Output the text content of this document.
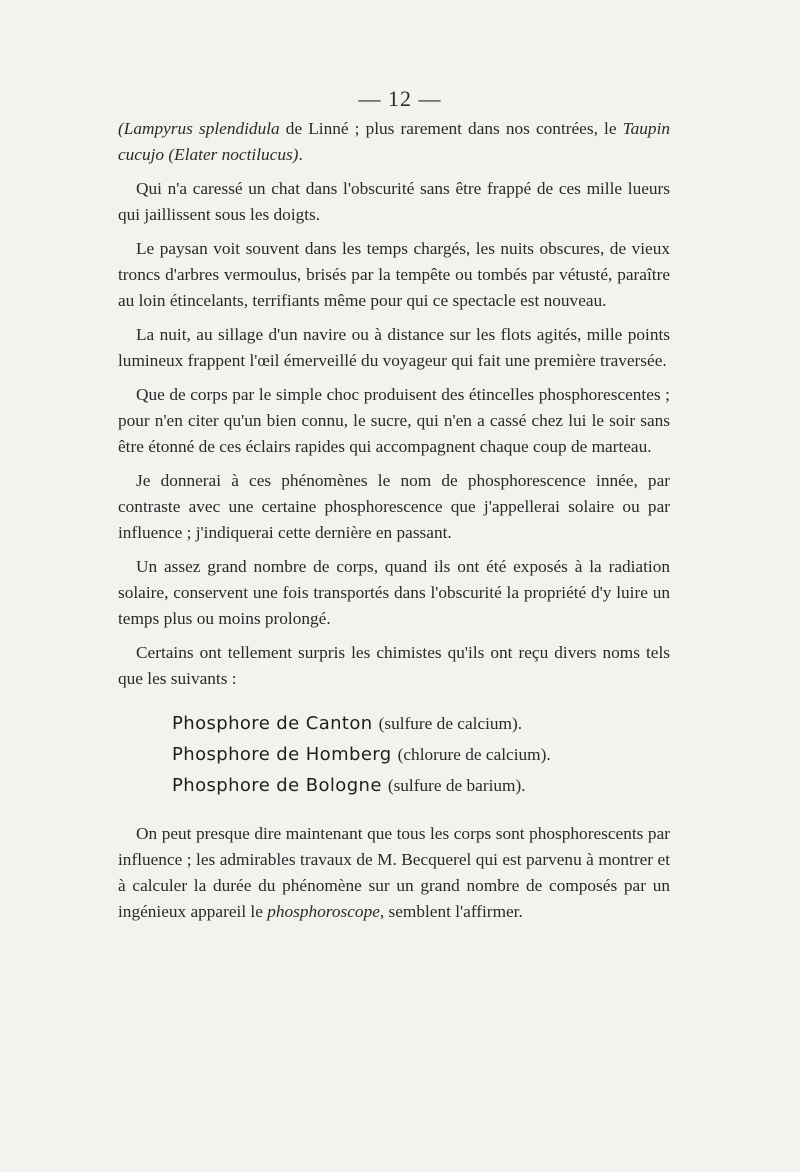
— 12 —

(Lampyrus splendidula de Linné ; plus rarement dans nos contrées, le Taupin cucujo (Elater noctilucus).

Qui n'a caressé un chat dans l'obscurité sans être frappé de ces mille lueurs qui jaillissent sous les doigts.

Le paysan voit souvent dans les temps chargés, les nuits obscures, de vieux troncs d'arbres vermoulus, brisés par la tempête ou tombés par vétusté, paraître au loin étincelants, terrifiants même pour qui ce spectacle est nouveau.

La nuit, au sillage d'un navire ou à distance sur les flots agités, mille points lumineux frappent l'œil émerveillé du voyageur qui fait une première traversée.

Que de corps par le simple choc produisent des étincelles phosphorescentes ; pour n'en citer qu'un bien connu, le sucre, qui n'en a cassé chez lui le soir sans être étonné de ces éclairs rapides qui accompagnent chaque coup de marteau.

Je donnerai à ces phénomènes le nom de phosphorescence innée, par contraste avec une certaine phosphorescence que j'appellerai solaire ou par influence ; j'indiquerai cette dernière en passant.

Un assez grand nombre de corps, quand ils ont été exposés à la radiation solaire, conservent une fois transportés dans l'obscurité la propriété d'y luire un temps plus ou moins prolongé.

Certains ont tellement surpris les chimistes qu'ils ont reçu divers noms tels que les suivants :

Phosphore de Canton (sulfure de calcium).
Phosphore de Homberg (chlorure de calcium).
Phosphore de Bologne (sulfure de barium).

On peut presque dire maintenant que tous les corps sont phosphorescents par influence ; les admirables travaux de M. Becquerel qui est parvenu à montrer et à calculer la durée du phénomène sur un grand nombre de composés par un ingénieux appareil le phosphoroscope, semblent l'affirmer.
